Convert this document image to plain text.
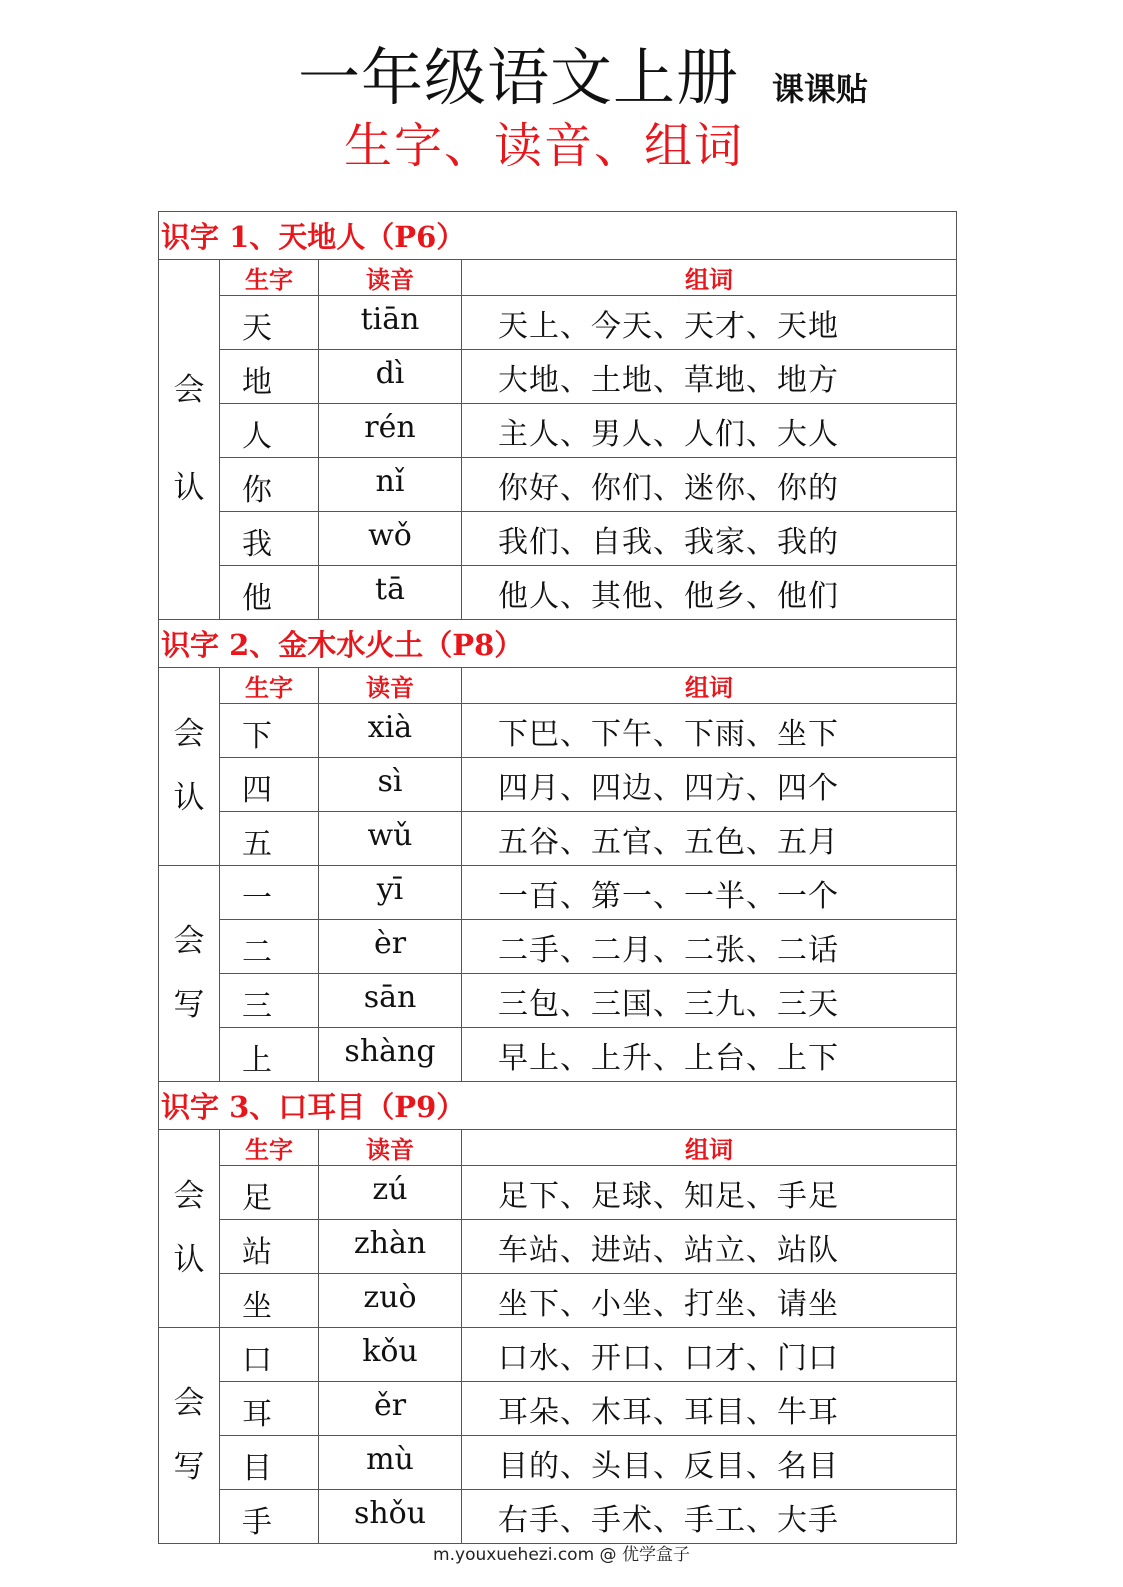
一年级语文上册 课课贴
生字、读音、组词
识字 1、天地人（P6）			

会
认	生字	读音	组词
	天	tiān	天上、今天、天才、天地
	地	dì	大地、土地、草地、地方
	人	rén	主人、男人、人们、大人
	你	nǐ	你好、你们、迷你、你的
	我	wǒ	我们、自我、我家、我的
	他	tā	他人、其他、他乡、他们
识字 2、金木水火土（P8）			

会
认	生字	读音	组词
	下	xià	下巴、下午、下雨、坐下
	四	sì	四月、四边、四方、四个
	五	wǔ	五谷、五官、五色、五月

会
写	一	yī	一百、第一、一半、一个
	二	èr	二手、二月、二张、二话
	三	sān	三包、三国、三九、三天
	上	shàng	早上、上升、上台、上下
识字 3、口耳目（P9）			

会
认	生字	读音	组词
	足	zú	足下、足球、知足、手足
	站	zhàn	车站、进站、站立、站队
	坐	zuò	坐下、小坐、打坐、请坐

会
写	口	kǒu	口水、开口、口才、门口
	耳	ěr	耳朵、木耳、耳目、牛耳
	目	mù	目的、头目、反目、名目
	手	shǒu	右手、手术、手工、大手
m.youxuehezi.com @ 优学盒子
